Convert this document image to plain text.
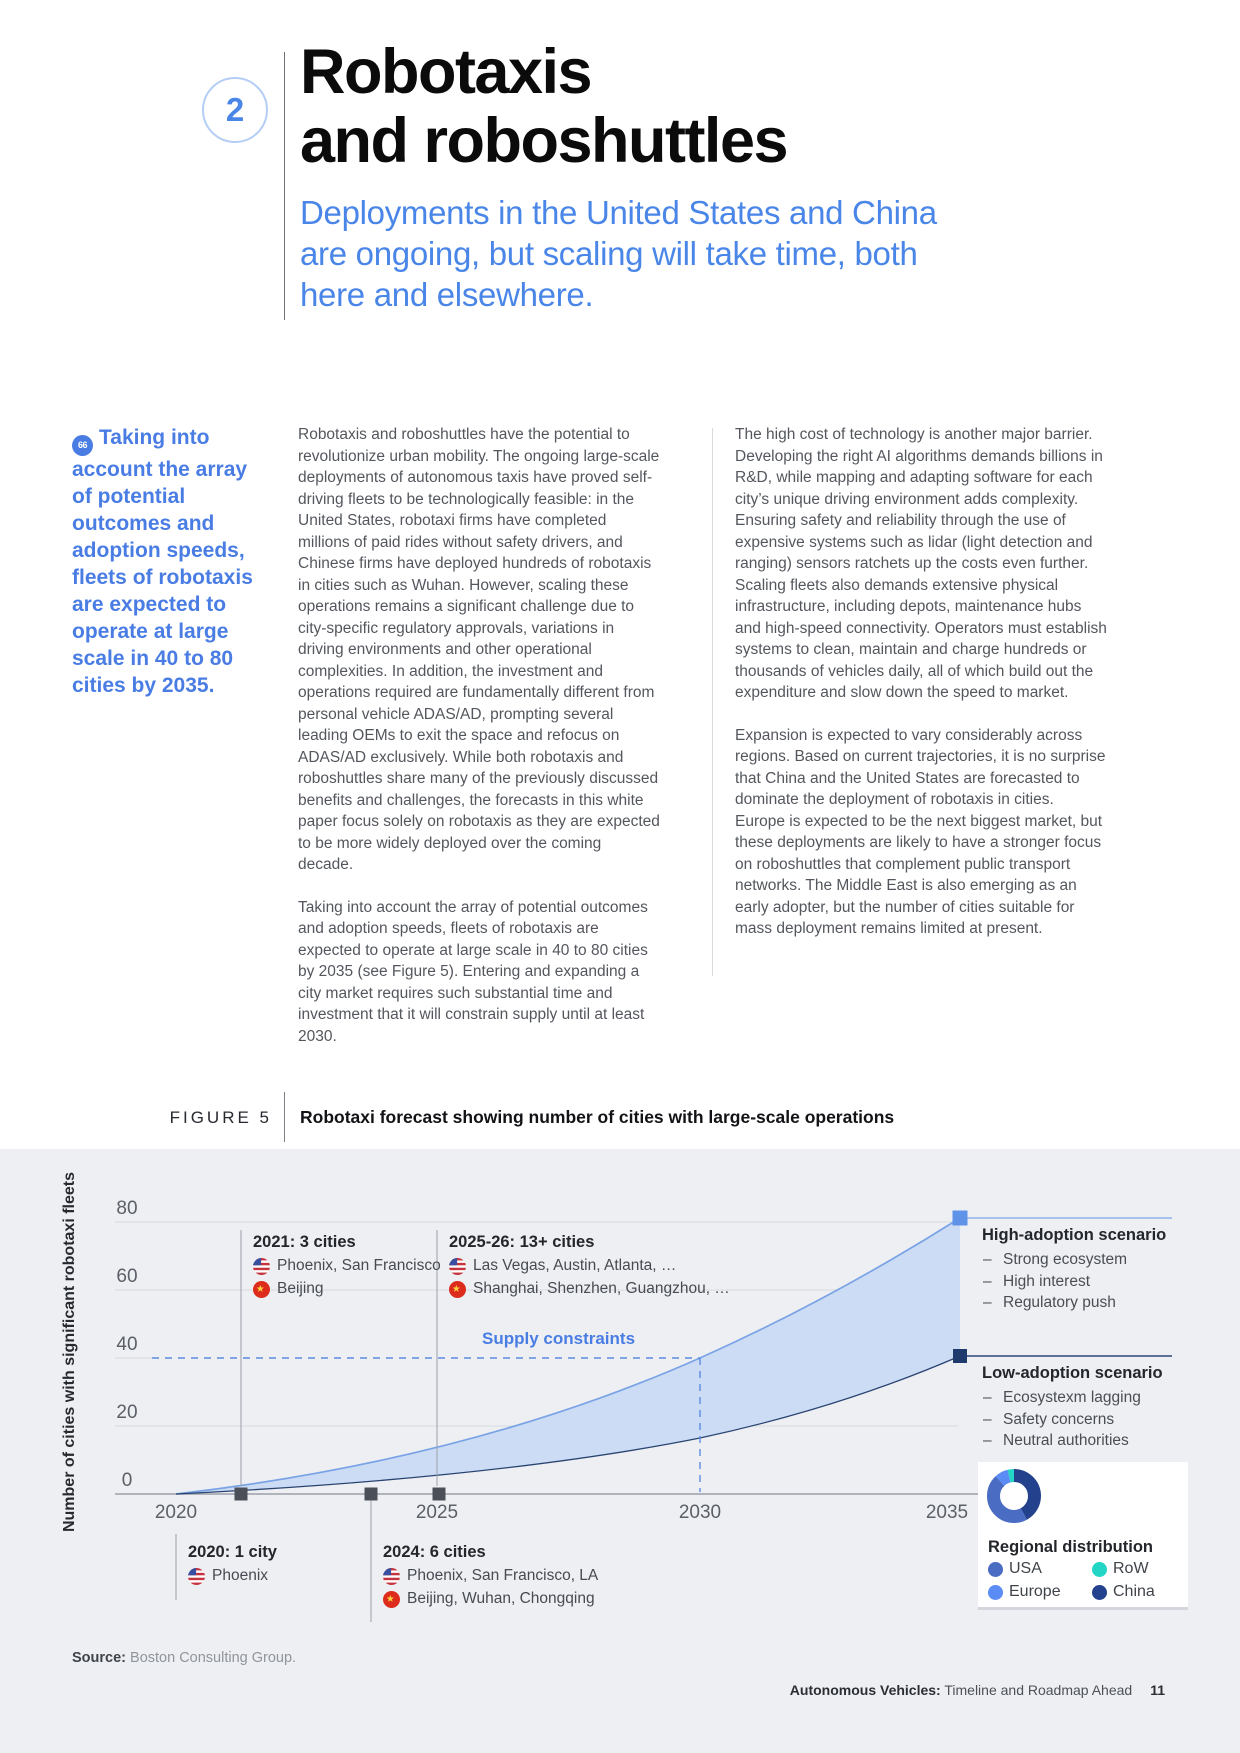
2
Robotaxis
and roboshuttles
Deployments in the United States and China are ongoing, but scaling will take time, both here and elsewhere.
66Taking into account the array of potential outcomes and adoption speeds, fleets of robotaxis are expected to operate at large scale in 40 to 80 cities by 2035.

Robotaxis and roboshuttles have the potential to revolutionize urban mobility. The ongoing large-scale deployments of autonomous taxis have proved self-driving fleets to be technologically feasible: in the United States, robotaxi firms have completed millions of paid rides without safety drivers, and Chinese firms have deployed hundreds of robotaxis in cities such as Wuhan. However, scaling these operations remains a significant challenge due to city-specific regulatory approvals, variations in driving environments and other operational complexities. In addition, the investment and operations required are fundamentally different from personal vehicle ADAS/AD, prompting several leading OEMs to exit the space and refocus on ADAS/AD exclusively. While both robotaxis and roboshuttles share many of the previously discussed benefits and challenges, the forecasts in this white paper focus solely on robotaxis as they are expected to be more widely deployed over the coming decade.

Taking into account the array of potential outcomes and adoption speeds, fleets of robotaxis are expected to operate at large scale in 40 to 80 cities by 2035 (see Figure 5). Entering and expanding a city market requires such substantial time and investment that it will constrain supply until at least 2030.

The high cost of technology is another major barrier. Developing the right AI algorithms demands billions in R&D, while mapping and adapting software for each city’s unique driving environment adds complexity. Ensuring safety and reliability through the use of expensive systems such as lidar (light detection and ranging) sensors ratchets up the costs even further. Scaling fleets also demands extensive physical infrastructure, including depots, maintenance hubs and high-speed connectivity. Operators must establish systems to clean, maintain and charge hundreds or thousands of vehicles daily, all of which build out the expenditure and slow down the speed to market.

Expansion is expected to vary considerably across regions. Based on current trajectories, it is no surprise that China and the United States are forecasted to dominate the deployment of robotaxis in cities. Europe is expected to be the next biggest market, but these deployments are likely to have a stronger focus on roboshuttles that complement public transport networks. The Middle East is also emerging as an early adopter, but the number of cities suitable for mass deployment remains limited at present.

FIGURE 5 Robotaxi forecast showing number of cities with large-scale operations
Number of cities with significant robotaxi fleets	80
60
40
20
0
2020	2025	2030	2035
Supply constraints
2021: 3 cities
Phoenix, San Francisco
Beijing
2025-26: 13+ cities
Las Vegas, Austin, Atlanta, …
Shanghai, Shenzhen, Guangzhou, …
2020: 1 city
Phoenix
2024: 6 cities
Phoenix, San Francisco, LA
Beijing, Wuhan, Chongqing
High-adoption scenario
– Strong ecosystem
– High interest
– Regulatory push
Low-adoption scenario
– Ecosystexm lagging
– Safety concerns
– Neutral authorities
Regional distribution
USA	RoW
Europe	China
Source: Boston Consulting Group.
Autonomous Vehicles: Timeline and Roadmap Ahead 11
